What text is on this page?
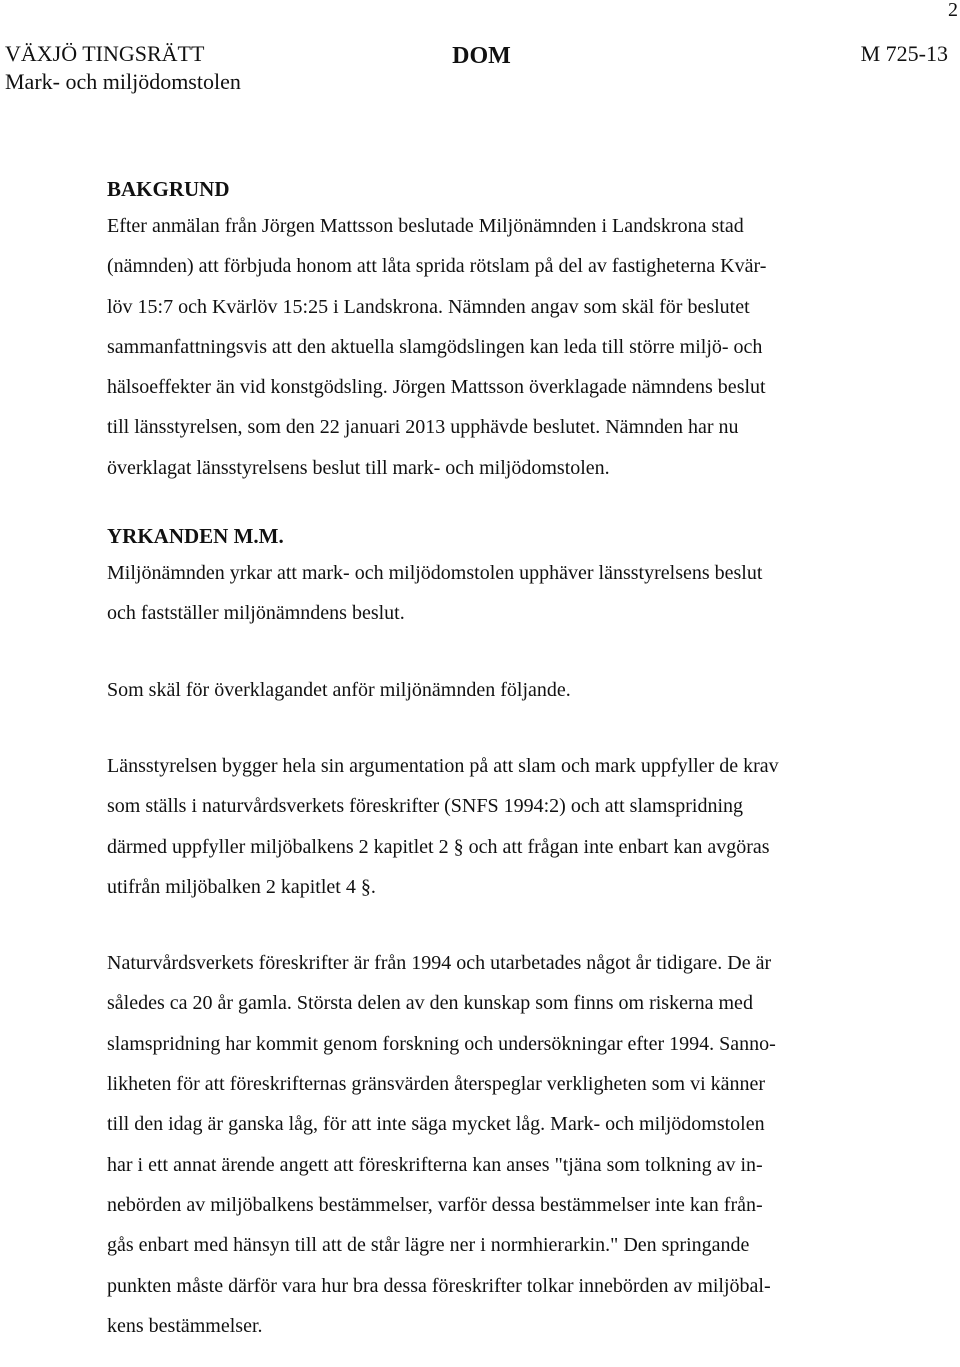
2
VÄXJÖ TINGSRÄTT
Mark- och miljödomstolen
DOM	M 725-13
BAKGRUND

Efter anmälan från Jörgen Mattsson beslutade Miljönämnden i Landskrona stad
(nämnden) att förbjuda honom att låta sprida rötslam på del av fastigheterna Kvär-
löv 15:7 och Kvärlöv 15:25 i Landskrona. Nämnden angav som skäl för beslutet
sammanfattningsvis att den aktuella slamgödslingen kan leda till större miljö- och
hälsoeffekter än vid konstgödsling. Jörgen Mattsson överklagade nämndens beslut
till länsstyrelsen, som den 22 januari 2013 upphävde beslutet. Nämnden har nu
överklagat länsstyrelsens beslut till mark- och miljödomstolen.

YRKANDEN M.M.

Miljönämnden yrkar att mark- och miljödomstolen upphäver länsstyrelsens beslut
och fastställer miljönämndens beslut.

Som skäl för överklagandet anför miljönämnden följande.

Länsstyrelsen bygger hela sin argumentation på att slam och mark uppfyller de krav
som ställs i naturvårdsverkets föreskrifter (SNFS 1994:2) och att slamspridning
därmed uppfyller miljöbalkens 2 kapitlet 2 § och att frågan inte enbart kan avgöras
utifrån miljöbalken 2 kapitlet 4 §.

Naturvårdsverkets föreskrifter är från 1994 och utarbetades något år tidigare. De är
således ca 20 år gamla. Största delen av den kunskap som finns om riskerna med
slamspridning har kommit genom forskning och undersökningar efter 1994. Sanno-
likheten för att föreskrifternas gränsvärden återspeglar verkligheten som vi känner
till den idag är ganska låg, för att inte säga mycket låg. Mark- och miljödomstolen
har i ett annat ärende angett att föreskrifterna kan anses "tjäna som tolkning av in-
nebörden av miljöbalkens bestämmelser, varför dessa bestämmelser inte kan från-
gås enbart med hänsyn till att de står lägre ner i normhierarkin." Den springande
punkten måste därför vara hur bra dessa föreskrifter tolkar innebörden av miljöbal-
kens bestämmelser.
